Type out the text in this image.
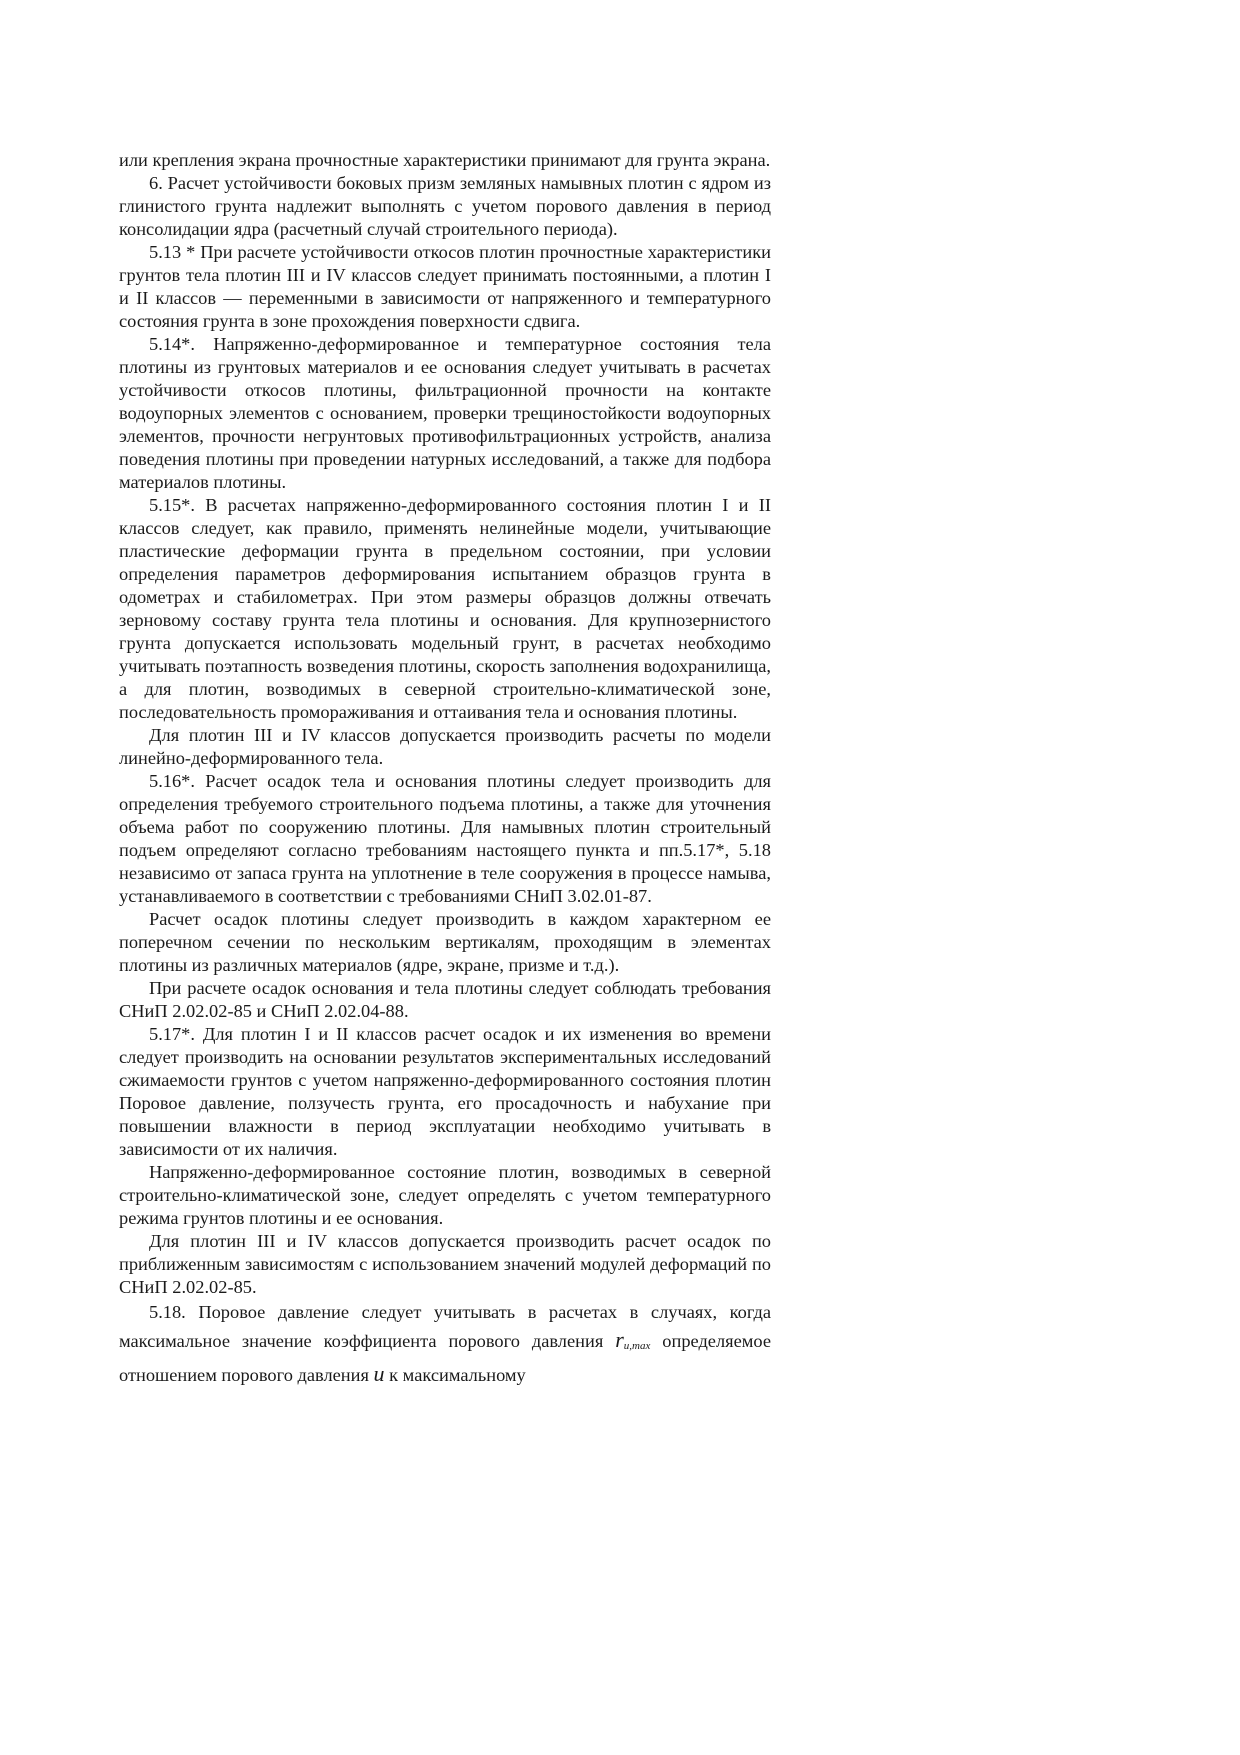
или крепления экрана прочностные характеристики принимают для грунта экрана.

6. Расчет устойчивости боковых призм земляных намывных плотин с ядром из глинистого грунта надлежит выполнять с учетом порового давления в период консолидации ядра (расчетный случай строительного периода).

5.13 * При расчете устойчивости откосов плотин прочностные характеристики грунтов тела плотин III и IV классов следует принимать постоянными, а плотин I и II классов — переменными в зависимости от напряженного и температурного состояния грунта в зоне прохождения поверхности сдвига.

5.14*. Напряженно-деформированное и температурное состояния тела плотины из грунтовых материалов и ее основания следует учитывать в расчетах устойчивости откосов плотины, фильтрационной прочности на контакте водоупорных элементов с основанием, проверки трещиностойкости водоупорных элементов, прочности негрунтовых противофильтрационных устройств, анализа поведения плотины при проведении натурных исследований, а также для подбора материалов плотины.

5.15*. В расчетах напряженно-деформированного состояния плотин I и II классов следует, как правило, применять нелинейные модели, учитывающие пластические деформации грунта в предельном состоянии, при условии определения параметров деформирования испытанием образцов грунта в одометрах и стабилометрах. При этом размеры образцов должны отвечать зерновому составу грунта тела плотины и основания. Для крупнозернистого грунта допускается использовать модельный грунт, в расчетах необходимо учитывать поэтапность возведения плотины, скорость заполнения водохранилища, а для плотин, возводимых в северной строительно-климатической зоне, последовательность промораживания и оттаивания тела и основания плотины.

Для плотин III и IV классов допускается производить расчеты по модели линейно-деформированного тела.

5.16*. Расчет осадок тела и основания плотины следует производить для определения требуемого строительного подъема плотины, а также для уточнения объема работ по сооружению плотины. Для намывных плотин строительный подъем определяют согласно требованиям настоящего пункта и пп.5.17*, 5.18 независимо от запаса грунта на уплотнение в теле сооружения в процессе намыва, устанавливаемого в соответствии с требованиями СНиП 3.02.01-87.

Расчет осадок плотины следует производить в каждом характерном ее поперечном сечении по нескольким вертикалям, проходящим в элементах плотины из различных материалов (ядре, экране, призме и т.д.).

При расчете осадок основания и тела плотины следует соблюдать требования СНиП 2.02.02-85 и СНиП 2.02.04-88.

5.17*. Для плотин I и II классов расчет осадок и их изменения во времени следует производить на основании результатов экспериментальных исследований сжимаемости грунтов с учетом напряженно-деформированного состояния плотин Поровое давление, ползучесть грунта, его просадочность и набухание при повышении влажности в период эксплуатации необходимо учитывать в зависимости от их наличия.

Напряженно-деформированное состояние плотин, возводимых в северной строительно-климатической зоне, следует определять с учетом температурного режима грунтов плотины и ее основания.

Для плотин III и IV классов допускается производить расчет осадок по приближенным зависимостям с использованием значений модулей деформаций по СНиП 2.02.02-85.

5.18. Поровое давление следует учитывать в расчетах в случаях, когда максимальное значение коэффициента порового давления ru,max определяемое отношением порового давления u к максимальному
